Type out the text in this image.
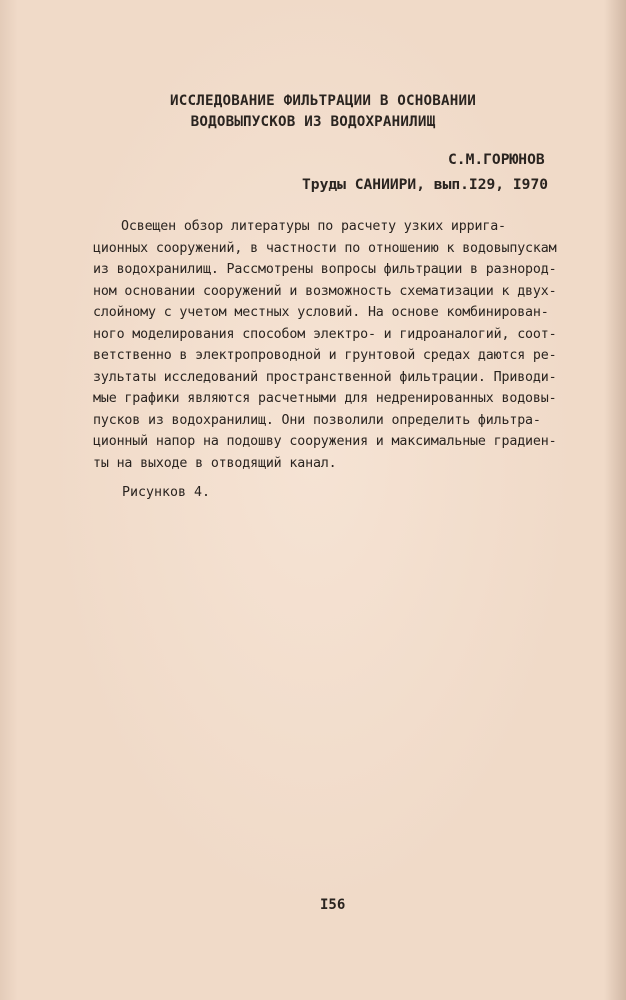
ИССЛЕДОВАНИЕ ФИЛЬТРАЦИИ В ОСНОВАНИИ
ВОДОВЫПУСКОВ ИЗ ВОДОХРАНИЛИЩ
С.М.ГОРЮНОВ
Труды САНИИРИ, вып.I29, I970
Освещен обзор литературы по расчету узких иррига-
ционных сооружений, в частности по отношению к водовыпускам
из водохранилищ. Рассмотрены вопросы фильтрации в разнород-
ном основании сооружений и возможность схематизации к двух-
слойному с учетом местных условий. На основе комбинирован-
ного моделирования способом электро- и гидроаналогий, соот-
ветственно в электропроводной и грунтовой средах даются ре-
зультаты исследований пространственной фильтрации. Приводи-
мые графики являются расчетными для недренированных водовы-
пусков из водохранилищ. Они позволили определить фильтра-
ционный напор на подошву сооружения и максимальные градиен-
ты на выходе в отводящий канал.
Рисунков 4.
I56
